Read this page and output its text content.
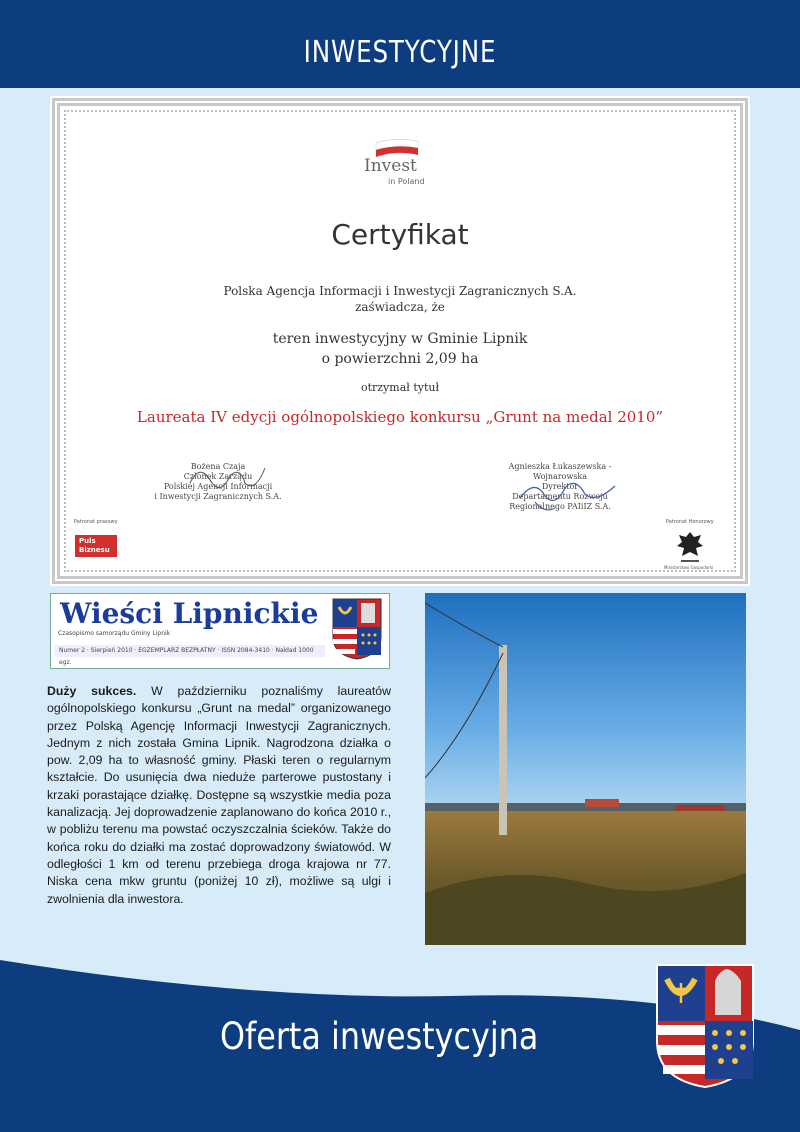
INWESTYCYJNE
Invest
in Poland
Certyfikat
Polska Agencja Informacji i Inwestycji Zagranicznych S.A.
zaświadcza, że
teren inwestycyjny w Gminie Lipnik
o powierzchni 2,09 ha
otrzymał tytuł
Laureata IV edycji ogólnopolskiego konkursu „Grunt na medal 2010”
Bożena Czaja
Członek Zarządu
Polskiej Agencji Informacji
i Inwestycji Zagranicznych S.A.
Agnieszka Łukaszewska - Wojnarowska
Dyrektor
Departamentu Rozwoju
Regionalnego PAIiIZ S.A.
Patronat prasowy
Puls Biznesu
Patronat Honorowy
Ministerstwo Gospodarki
Wieści Lipnickie
Czasopismo samorządu Gminy Lipnik
Numer 2 · Sierpień 2010 · EGZEMPLARZ BEZPŁATNY · ISSN 2084-3410 · Nakład 1000 egz.
Duży sukces. W październiku poznaliśmy laureatów ogólnopolskiego konkursu „Grunt na medal” organizowanego przez Polską Agencję Informacji Inwestycji Zagranicznych. Jednym z nich została Gmina Lipnik. Nagrodzona działka o pow. 2,09 ha to własność gminy. Płaski teren o regularnym kształcie. Do usunięcia dwa nieduże parterowe pustostany i krzaki porastające działkę. Dostępne są wszystkie media poza kanalizacją. Jej doprowadzenie zaplanowano do końca 2010 r., w pobliżu terenu ma powstać oczyszczalnia ścieków. Także do końca roku do działki ma zostać doprowadzony światowód. W odległości 1 km od terenu przebiega droga krajowa nr 77. Niska cena mkw gruntu (poniżej 10 zł), możliwe są ulgi i zwolnienia dla inwestora.
Oferta inwestycyjna
